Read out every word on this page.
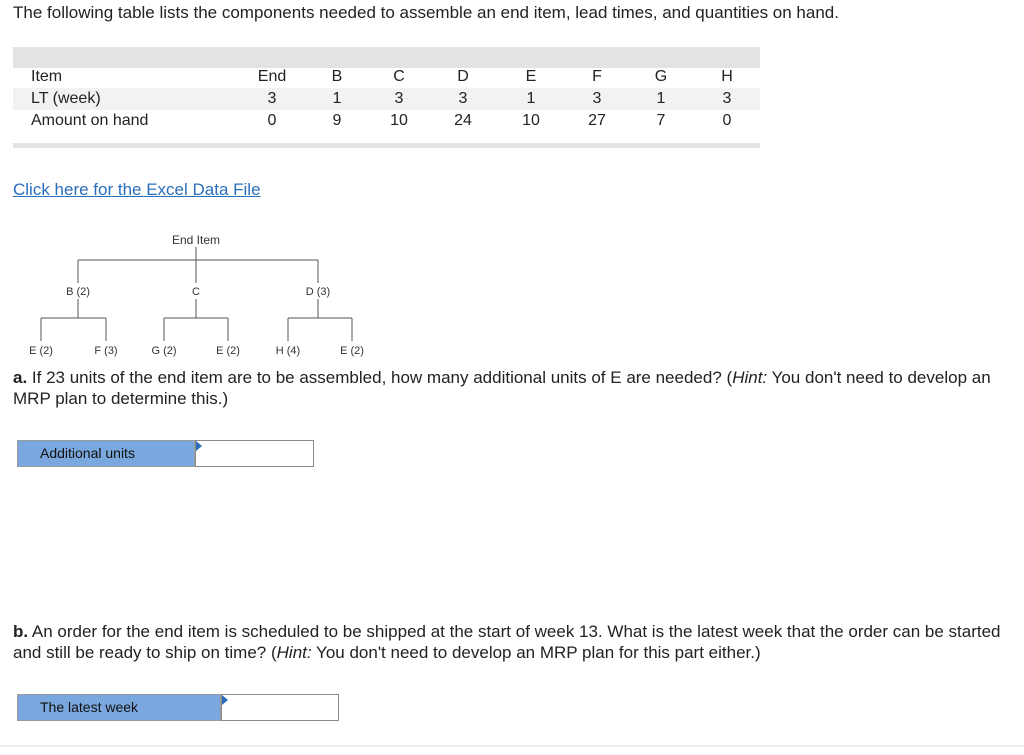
The following table lists the components needed to assemble an end item, lead times, and quantities on hand.
Item	End	B	C	D	E	F	G	H
LT (week)	3	1	3	3	1	3	1	3
Amount on hand	0	9	10	24	10	27	7	0
Click here for the Excel Data File
End Item
B (2)	C	D (3)
E (2)	F (3)	G (2)	E (2)	H (4)	E (2)
a. If 23 units of the end item are to be assembled, how many additional units of E are needed? (Hint: You don't need to develop an MRP plan to determine this.)
Additional units
b. An order for the end item is scheduled to be shipped at the start of week 13. What is the latest week that the order can be started and still be ready to ship on time? (Hint: You don't need to develop an MRP plan for this part either.)
The latest week
